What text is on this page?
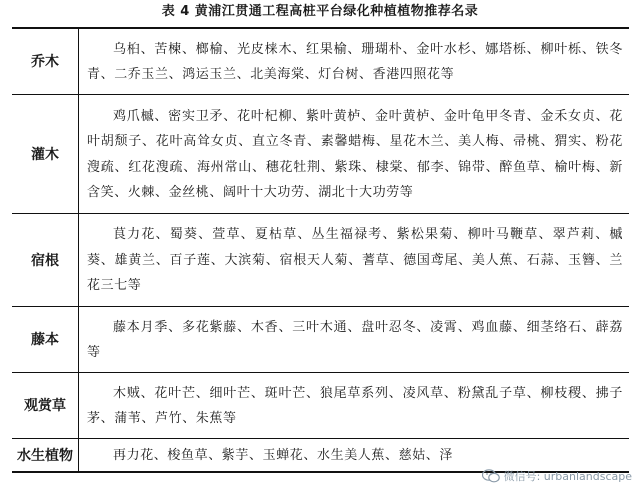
表 4 黄浦江贯通工程高桩平台绿化种植植物推荐名录
乔木	乌桕、苦楝、榔榆、光皮梾木、红果榆、珊瑚朴、金叶水杉、娜塔栎、柳叶栎、铁冬青、二乔玉兰、鸿运玉兰、北美海棠、灯台树、香港四照花等
灌木	鸡爪槭、密实卫矛、花叶杞柳、紫叶黄栌、金叶黄栌、金叶龟甲冬青、金禾女贞、花叶胡颓子、花叶高耸女贞、直立冬青、素馨蜡梅、星花木兰、美人梅、帚桃、猬实、粉花溲疏、红花溲疏、海州常山、穗花牡荆、紫珠、棣棠、郁李、锦带、醉鱼草、榆叶梅、新含笑、火棘、金丝桃、阔叶十大功劳、湖北十大功劳等
宿根	茛力花、蜀葵、萱草、夏枯草、丛生福禄考、紫松果菊、柳叶马鞭草、翠芦莉、槭葵、雄黄兰、百子莲、大滨菊、宿根天人菊、蓍草、德国鸢尾、美人蕉、石蒜、玉簪、兰花三七等
藤本	藤本月季、多花紫藤、木香、三叶木通、盘叶忍冬、凌霄、鸡血藤、细茎络石、薜荔等
观赏草	木贼、花叶芒、细叶芒、斑叶芒、狼尾草系列、凌风草、粉黛乱子草、柳枝稷、拂子茅、蒲苇、芦竹、朱蕉等
水生植物	再力花、梭鱼草、紫芋、玉蝉花、水生美人蕉、慈姑、泽
微信号: urbanlandscape
